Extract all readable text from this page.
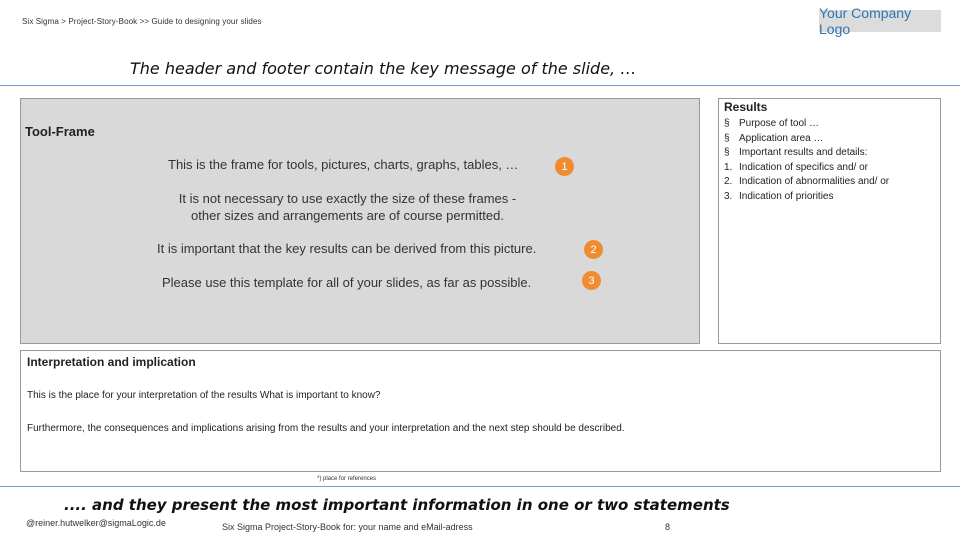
Six Sigma > Project-Story-Book >> Guide to designing your slides
Your Company Logo
The header and footer contain the key message of the slide, …
Tool-Frame
This is the frame for tools, pictures, charts, graphs, tables, …	1
It is not necessary to use exactly the size of these frames -
other sizes and arrangements are of course permitted.
It is important that the key results can be derived from this picture.	2
Please use this template for all of your slides, as far as possible.	3
Results
§ Purpose of tool …
§ Application area …
§ Important results and details:
1. Indication of specifics and/ or
2. Indication of abnormalities and/ or
3. Indication of priorities
Interpretation and implication
This is the place for your interpretation of the results What is important to know?
Furthermore, the consequences and implications arising from the results and your interpretation and the next step should be described.
*) place for references
.... and they present the most important information in one or two statements
@reiner.hutwelker@sigmaLogic.de	Six Sigma Project-Story-Book for: your name and eMail-adress	8
